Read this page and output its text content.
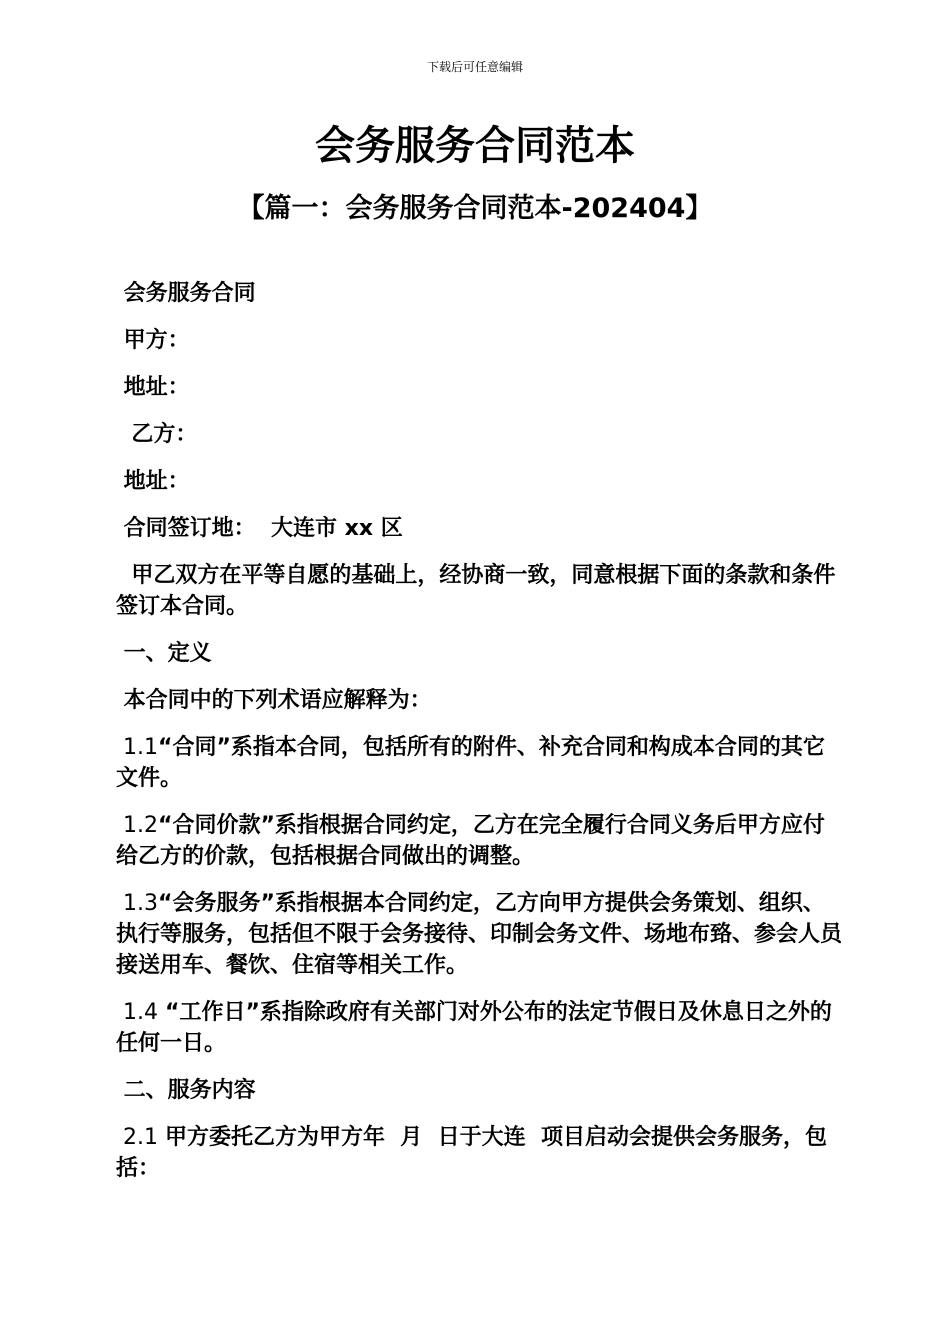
下载后可任意编辑
会务服务合同范本
【篇一：会务服务合同范本-202404】
会务服务合同
甲方：
地址：
乙方：
地址：
合同签订地：  大连市 xx 区
甲乙双方在平等自愿的基础上，经协商一致，同意根据下面的条款和条件签订本合同。
一、定义
本合同中的下列术语应解释为：
1.1“合同”系指本合同，包括所有的附件、补充合同和构成本合同的其它文件。
1.2“合同价款”系指根据合同约定，乙方在完全履行合同义务后甲方应付给乙方的价款，包括根据合同做出的调整。
1.3“会务服务”系指根据本合同约定，乙方向甲方提供会务策划、组织、执行等服务，包括但不限于会务接待、印制会务文件、场地布臵、参会人员接送用车、餐饮、住宿等相关工作。
1.4 “工作日”系指除政府有关部门对外公布的法定节假日及休息日之外的任何一日。
二、服务内容
2.1 甲方委托乙方为甲方年  月  日于大连  项目启动会提供会务服务，包括：
